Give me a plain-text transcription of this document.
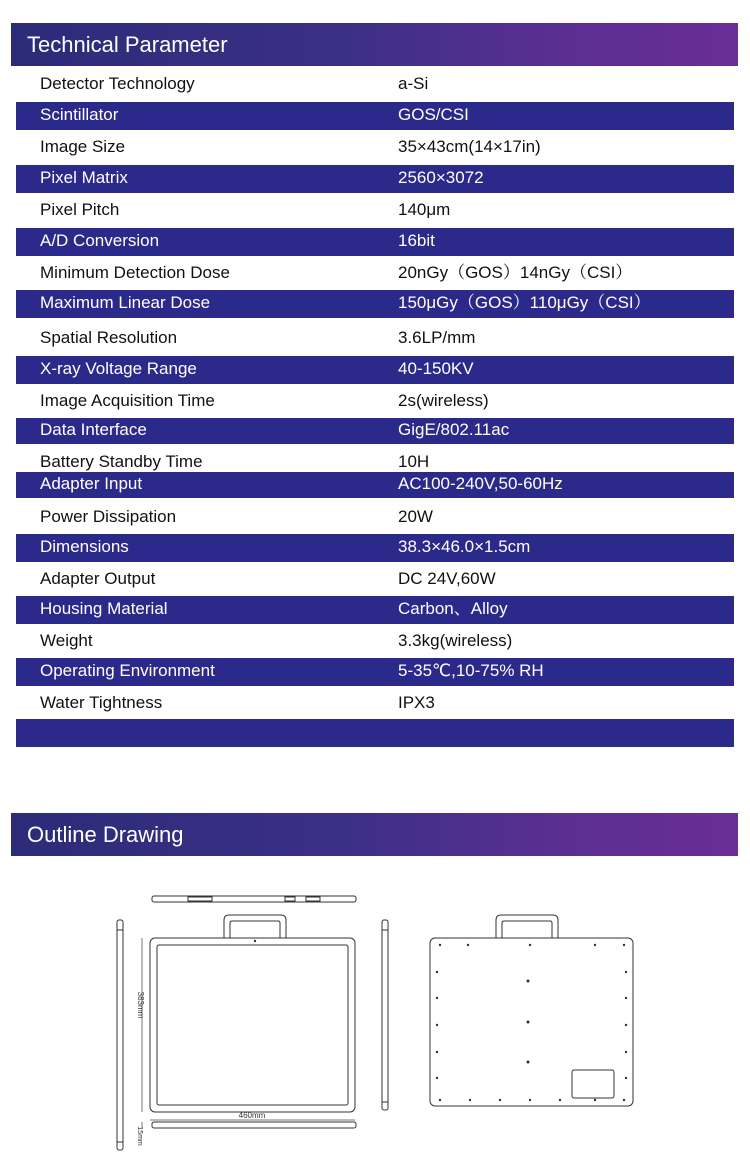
Technical Parameter
Detector Technology	a-Si
Scintillator	GOS/CSI
Image Size	35×43cm(14×17in)
Pixel Matrix	2560×3072
Pixel Pitch	140μm
A/D Conversion	16bit
Minimum Detection Dose	20nGy（GOS）14nGy（CSI）
Maximum Linear Dose	150μGy（GOS）110μGy（CSI）
Spatial Resolution	3.6LP/mm
X-ray Voltage Range	40-150KV
Image Acquisition Time	2s(wireless)
Data Interface	GigE/802.11ac
Battery Standby Time	10H
Adapter Input	AC100-240V,50-60Hz
Power Dissipation	20W
Dimensions	38.3×46.0×1.5cm
Adapter Output	DC 24V,60W
Housing Material	Carbon、Alloy
Weight	3.3kg(wireless)
Operating Environment	5-35℃,10-75% RH
Water Tightness	IPX3
Outline Drawing
460mm
383mm
15mm
